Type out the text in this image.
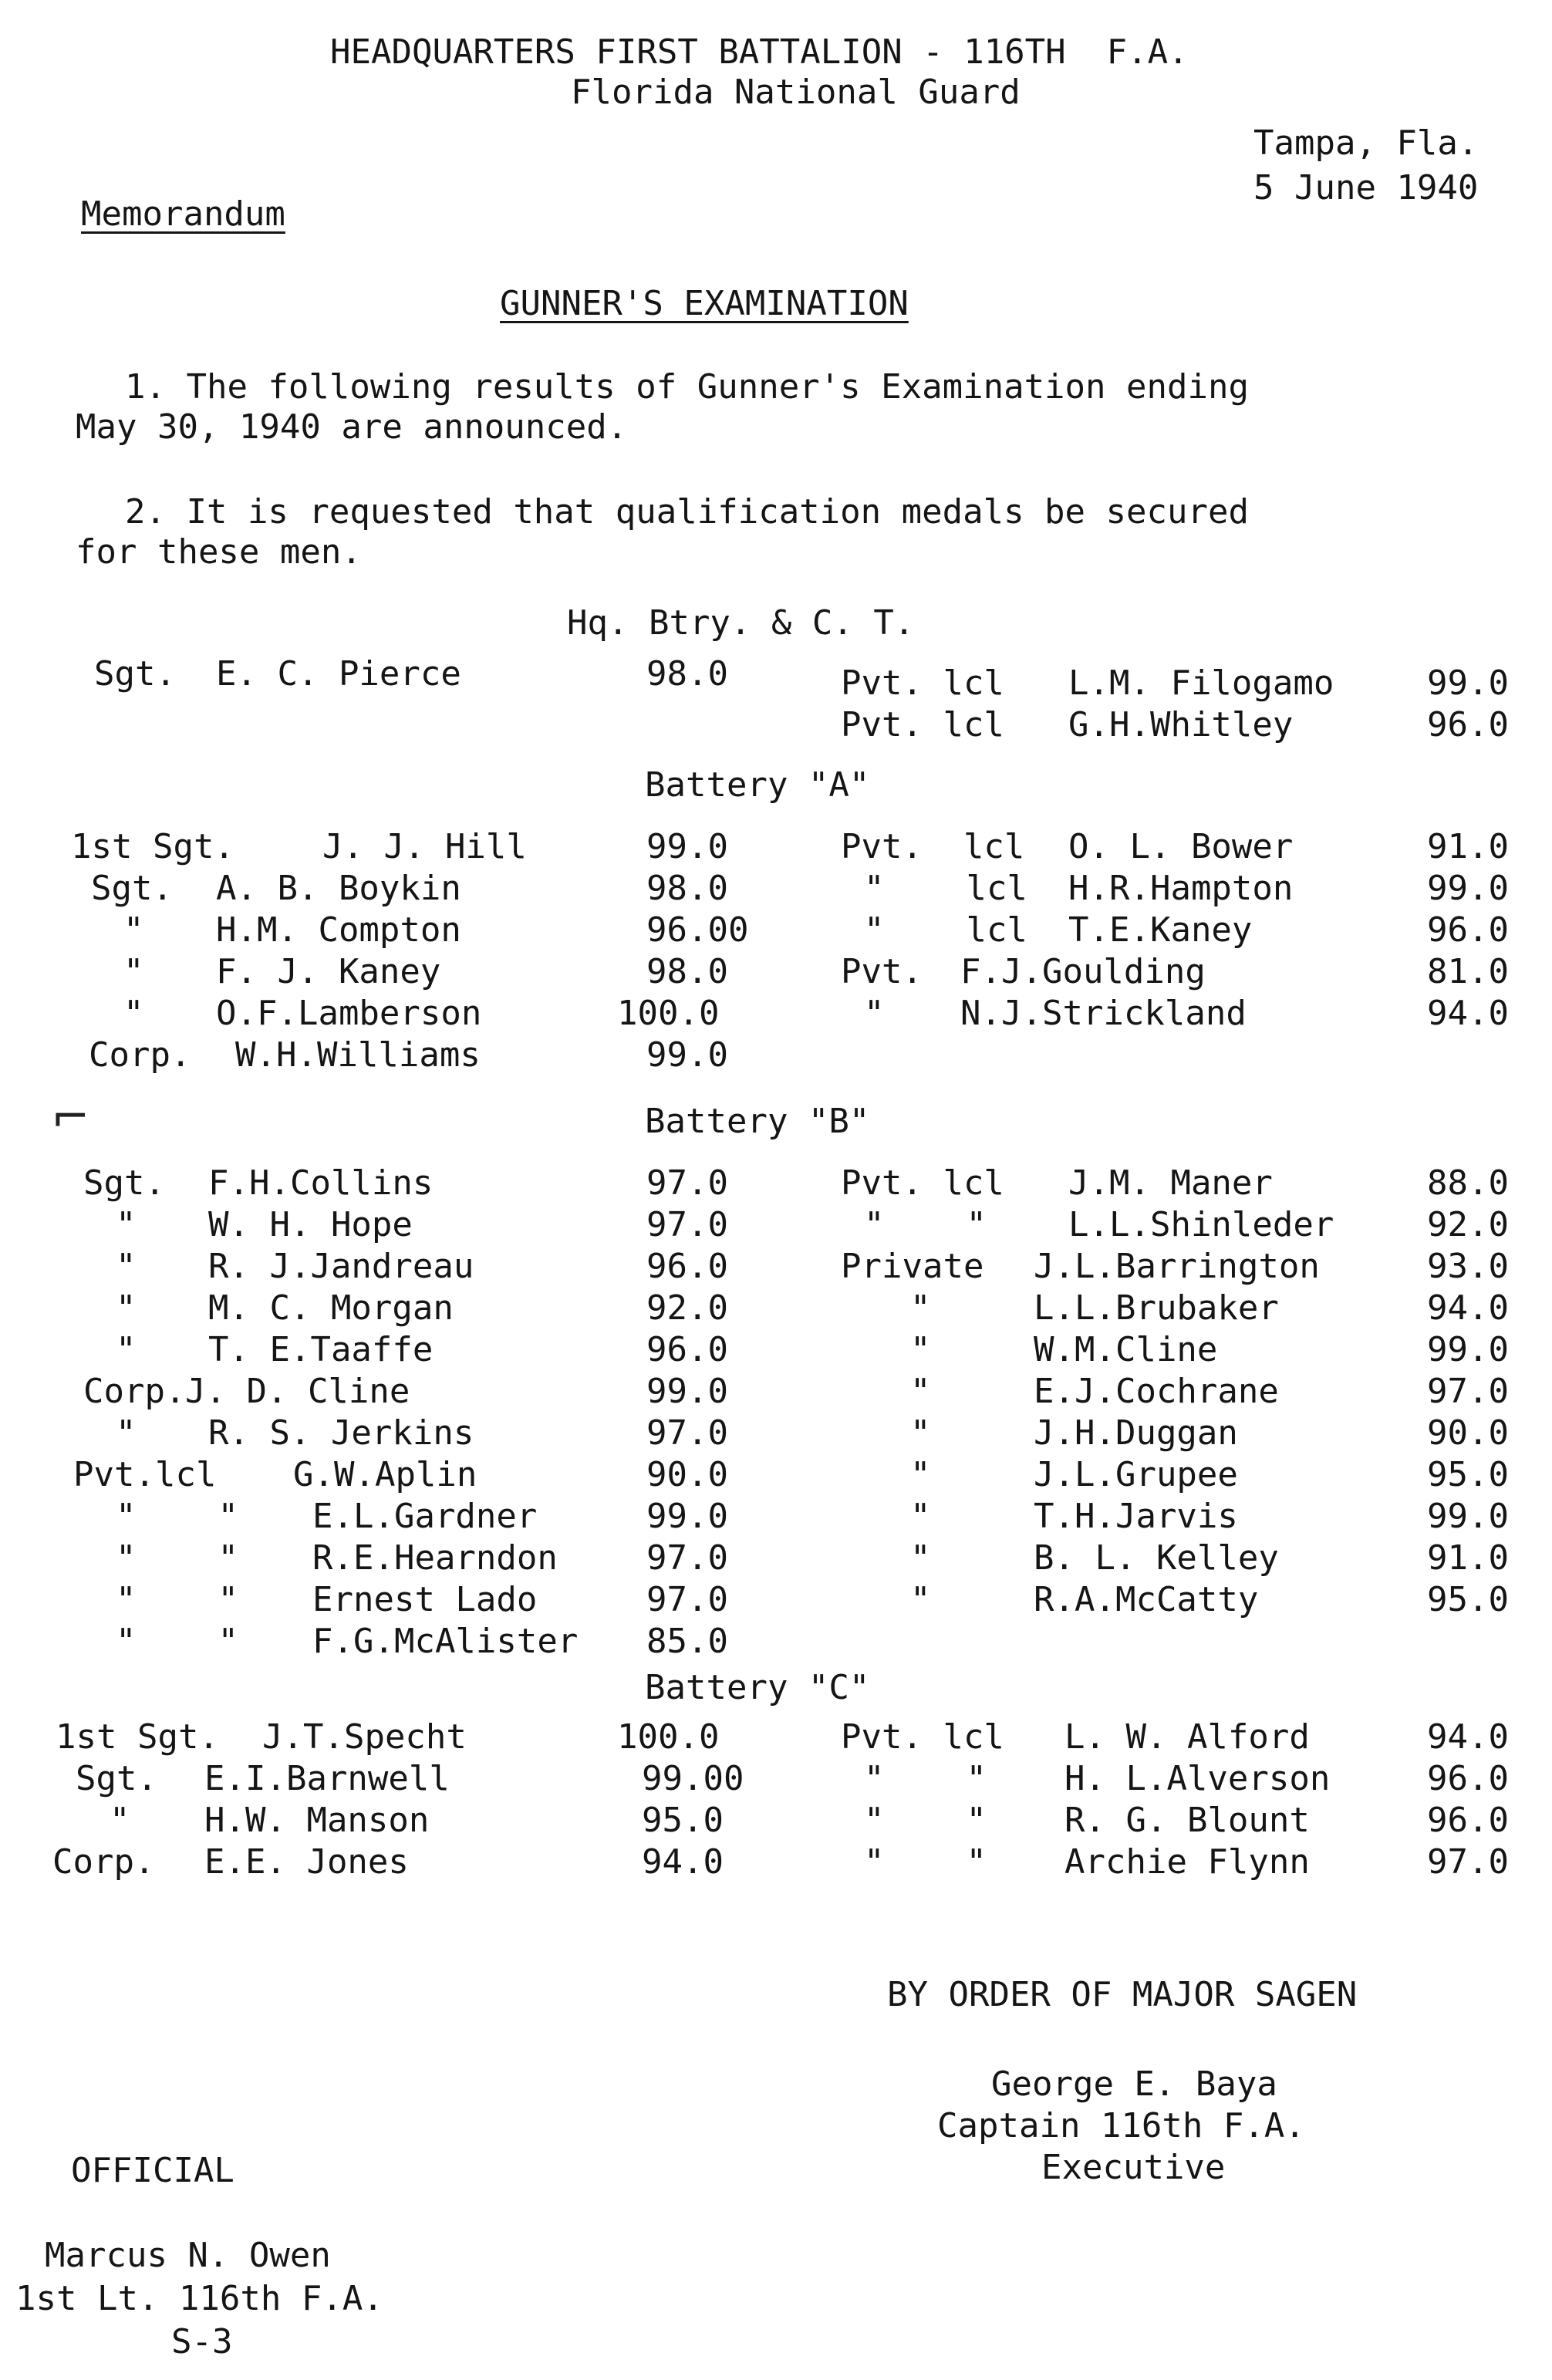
HEADQUARTERS FIRST BATTALION - 116TH  F.A.
Florida National Guard
Tampa, Fla.
5 June 1940
Memorandum
GUNNER'S EXAMINATION
1. The following results of Gunner's Examination ending
May 30, 1940 are announced.
2. It is requested that qualification medals be secured
for these men.
Hq. Btry. & C. T.
Sgt. E. C. Pierce	98.0	Pvt. lcl L.M. Filogamo	99.0
Pvt. lcl G.H.Whitley	96.0
Battery "A"
1st Sgt.	J. J. Hill	99.0
Sgt. A. B. Boykin	98.0
" H.M. Compton	96.00
" F. J. Kaney	98.0
" O.F.Lamberson	100.0
Corp. W.H.Williams	99.0
Pvt.  lcl O. L. Bower	91.0
"    lcl H.R.Hampton	99.0
"    lcl T.E.Kaney	96.0
Pvt. F.J.Goulding	81.0
" N.J.Strickland	94.0
⌐	Battery "B"
Sgt. F.H.Collins	97.0
" W. H. Hope	97.0
" R. J.Jandreau	96.0
" M. C. Morgan	92.0
" T. E.Taaffe	96.0
Corp. J. D. Cline	99.0
" R. S. Jerkins	97.0
Pvt.lcl G.W.Aplin	90.0
"    " E.L.Gardner	99.0
"    " R.E.Hearndon	97.0
"    " Ernest Lado	97.0
"    " F.G.McAlister 85.0
Pvt. lcl J.M. Maner	88.0
"    " L.L.Shinleder	92.0
Private J.L.Barrington	93.0
"	L.L.Brubaker	94.0
"	W.M.Cline	99.0
"	E.J.Cochrane	97.0
"	J.H.Duggan	90.0
"	J.L.Grupee	95.0
"	T.H.Jarvis	99.0
"	B. L. Kelley	91.0
"	R.A.McCatty	95.0
Battery "C"
1st Sgt. J.T.Specht	100.0
Sgt. E.I.Barnwell	99.00
" H.W. Manson	95.0
Corp. E.E. Jones	94.0
Pvt. lcl L. W. Alford	94.0
"    " H. L.Alverson	96.0
"    " R. G. Blount	96.0
"    " Archie Flynn	97.0
BY ORDER OF MAJOR SAGEN
George E. Baya
Captain 116th F.A.
Executive
OFFICIAL
Marcus N. Owen
1st Lt. 116th F.A.
S-3
